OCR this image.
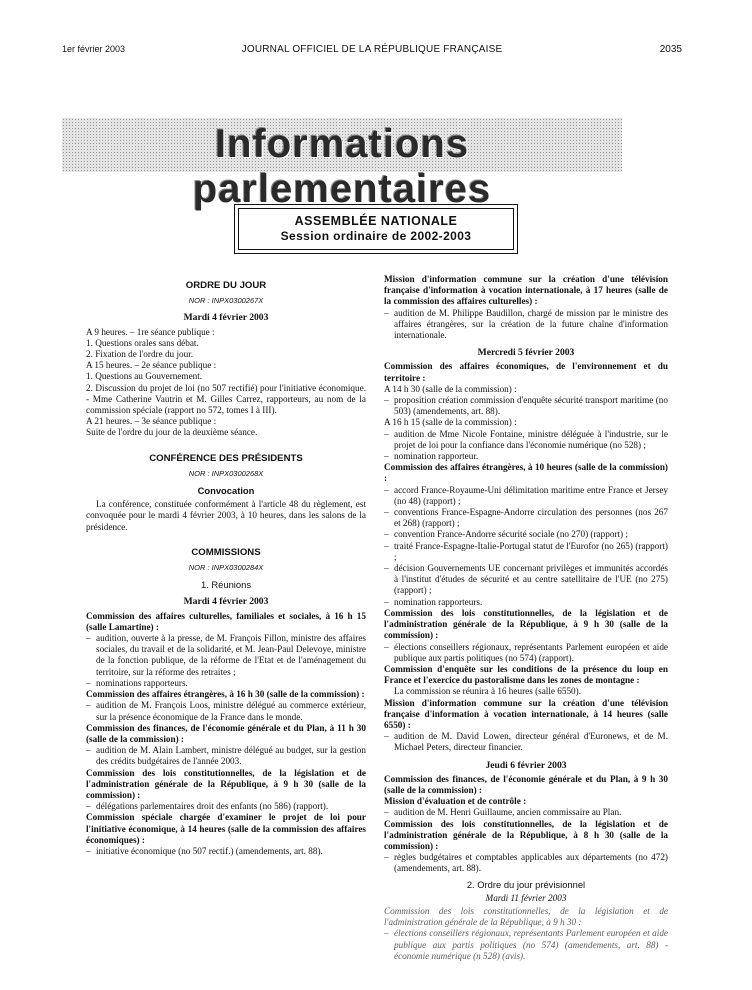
1er février 2003	JOURNAL OFFICIEL DE LA RÉPUBLIQUE FRANÇAISE	2035
Informations parlementaires
ASSEMBLÉE NATIONALE
Session ordinaire de 2002-2003
ORDRE DU JOUR
NOR : INPX0300267X
Mardi 4 février 2003
A 9 heures. – 1re séance publique :
1. Questions orales sans débat.
2. Fixation de l'ordre du jour.
A 15 heures. – 2e séance publique :
1. Questions au Gouvernement.
2. Discussion du projet de loi (no 507 rectifié) pour l'initiative économique. - Mme Catherine Vautrin et M. Gilles Carrez, rapporteurs, au nom de la commission spéciale (rapport no 572, tomes I à III).
A 21 heures. – 3e séance publique :
Suite de l'ordre du jour de la deuxième séance.
CONFÉRENCE DES PRÉSIDENTS
NOR : INPX0300268X
Convocation
La conférence, constituée conformément à l'article 48 du règlement, est convoquée pour le mardi 4 février 2003, à 10 heures, dans les salons de la présidence.
COMMISSIONS
NOR : INPX0300284X
1. Réunions
Mardi 4 février 2003
Commission des affaires culturelles, familiales et sociales, à 16 h 15 (salle Lamartine) :
– audition, ouverte à la presse, de M. François Fillon, ministre des affaires sociales, du travail et de la solidarité, et M. Jean-Paul Delevoye, ministre de la fonction publique, de la réforme de l'Etat et de l'aménagement du territoire, sur la réforme des retraites ;
– nominations rapporteurs.
Commission des affaires étrangères, à 16 h 30 (salle de la commission) :
– audition de M. François Loos, ministre délégué au commerce extérieur, sur la présence économique de la France dans le monde.
Commission des finances, de l'économie générale et du Plan, à 11 h 30 (salle de la commission) :
– audition de M. Alain Lambert, ministre délégué au budget, sur la gestion des crédits budgétaires de l'année 2003.
Commission des lois constitutionnelles, de la législation et de l'administration générale de la République, à 9 h 30 (salle de la commission) :
– délégations parlementaires droit des enfants (no 586) (rapport).
Commission spéciale chargée d'examiner le projet de loi pour l'initiative économique, à 14 heures (salle de la commission des affaires économiques) :
– initiative économique (no 507 rectif.) (amendements, art. 88).
Mission d'information commune sur la création d'une télévision française d'information à vocation internationale, à 17 heures (salle de la commission des affaires culturelles) :
– audition de M. Philippe Baudillon, chargé de mission par le ministre des affaires étrangères, sur la création de la future chaîne d'information internationale.
Mercredi 5 février 2003
Commission des affaires économiques, de l'environnement et du territoire :
A 14 h 30 (salle de la commission) :
– proposition création commission d'enquête sécurité transport maritime (no 503) (amendements, art. 88).
A 16 h 15 (salle de la commission) :
– audition de Mme Nicole Fontaine, ministre déléguée à l'industrie, sur le projet de loi pour la confiance dans l'économie numérique (no 528) ;
– nomination rapporteur.
Commission des affaires étrangères, à 10 heures (salle de la commission) :
– accord France-Royaume-Uni délimitation maritime entre France et Jersey (no 48) (rapport) ;
– conventions France-Espagne-Andorre circulation des personnes (nos 267 et 268) (rapport) ;
– convention France-Andorre sécurité sociale (no 270) (rapport) ;
– traité France-Espagne-Italie-Portugal statut de l'Eurofor (no 265) (rapport) ;
– décision Gouvernements UE concernant privilèges et immunités accordés à l'institut d'études de sécurité et au centre satellitaire de l'UE (no 275) (rapport) ;
– nomination rapporteurs.
Commission des lois constitutionnelles, de la législation et de l'administration générale de la République, à 9 h 30 (salle de la commission) :
– élections conseillers régionaux, représentants Parlement européen et aide publique aux partis politiques (no 574) (rapport).
Commission d'enquête sur les conditions de la présence du loup en France et l'exercice du pastoralisme dans les zones de montagne :
La commission se réunira à 16 heures (salle 6550).
Mission d'information commune sur la création d'une télévision française d'information à vocation internationale, à 14 heures (salle 6550) :
– audition de M. David Lowen, directeur général d'Euronews, et de M. Michael Peters, directeur financier.
Jeudi 6 février 2003
Commission des finances, de l'économie générale et du Plan, à 9 h 30 (salle de la commission) :
Mission d'évaluation et de contrôle :
– audition de M. Henri Guillaume, ancien commissaire au Plan.
Commission des lois constitutionnelles, de la législation et de l'administration générale de la République, à 8 h 30 (salle de la commission) :
– règles budgétaires et comptables applicables aux départements (no 472) (amendements, art. 88).
2. Ordre du jour prévisionnel
Mardi 11 février 2003
Commission des lois constitutionnelles, de la législation et de l'administration générale de la République, à 9 h 30 :
– élections conseillers régionaux, représentants Parlement européen et aide publique aux partis politiques (no 574) (amendements, art. 88) - économie numérique (n 528) (avis).
